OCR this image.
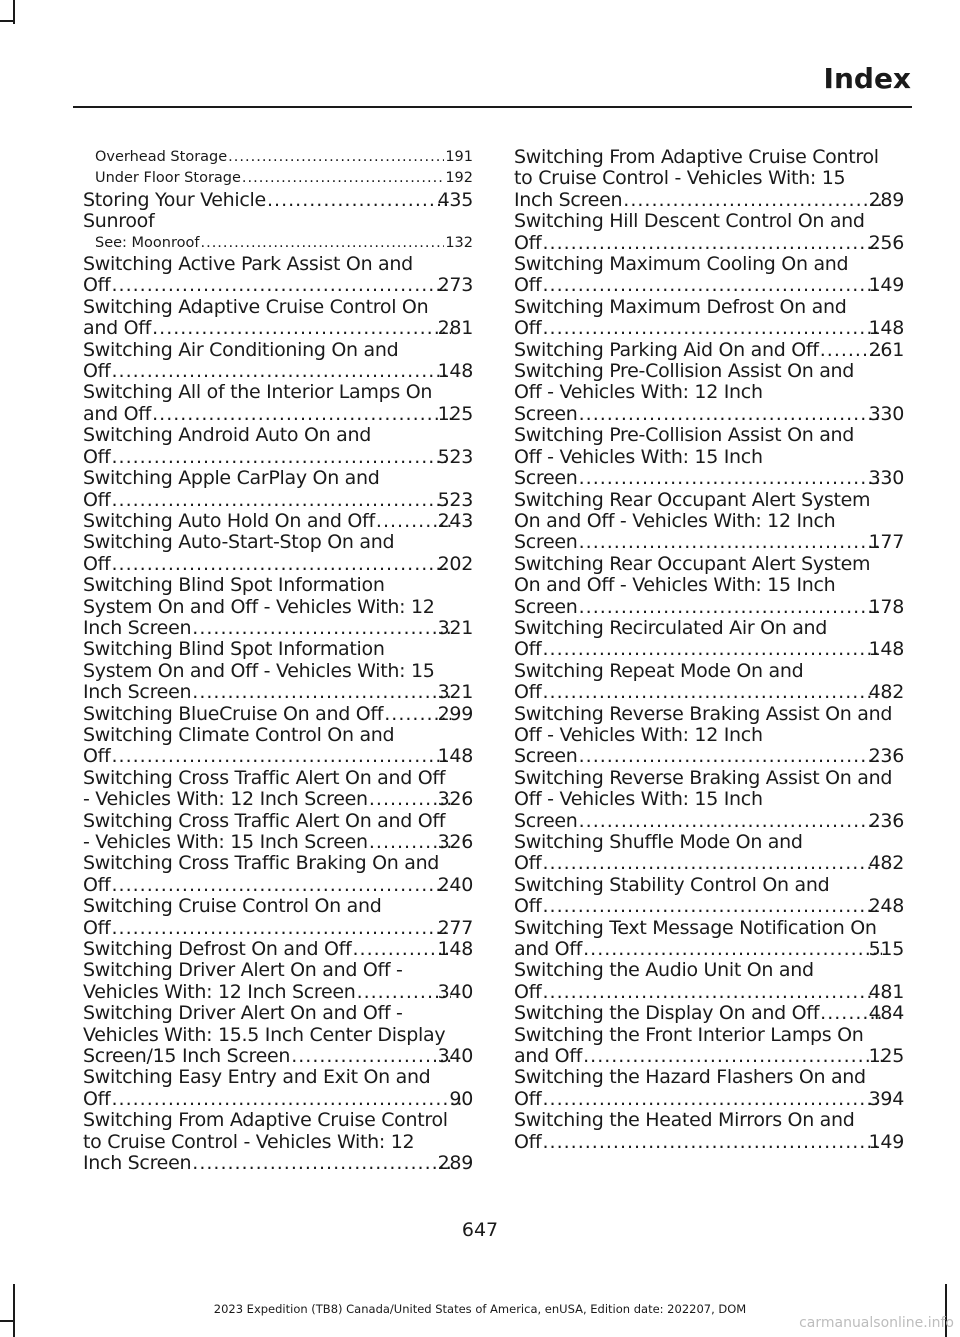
Index
Overhead Storage .....	191
Under Floor Storage .....	192
Storing Your Vehicle .....	435
Sunroof
See: Moonroof .....	132
Switching Active Park Assist On and
Off .....	273
Switching Adaptive Cruise Control On
and Off .....	281
Switching Air Conditioning On and
Off .....	148
Switching All of the Interior Lamps On
and Off .....	125
Switching Android Auto On and
Off .....	523
Switching Apple CarPlay On and
Off .....	523
Switching Auto Hold On and Off .....	243
Switching Auto-Start-Stop On and
Off .....	202
Switching Blind Spot Information
System On and Off - Vehicles With: 12
Inch Screen .....	321
Switching Blind Spot Information
System On and Off - Vehicles With: 15
Inch Screen .....	321
Switching BlueCruise On and Off .....	299
Switching Climate Control On and
Off .....	148
Switching Cross Traffic Alert On and Off
- Vehicles With: 12 Inch Screen .....	326
Switching Cross Traffic Alert On and Off
- Vehicles With: 15 Inch Screen .....	326
Switching Cross Traffic Braking On and
Off .....	240
Switching Cruise Control On and
Off .....	277
Switching Defrost On and Off .....	148
Switching Driver Alert On and Off -
Vehicles With: 12 Inch Screen .....	340
Switching Driver Alert On and Off -
Vehicles With: 15.5 Inch Center Display
Screen/15 Inch Screen .....	340
Switching Easy Entry and Exit On and
Off .....	90
Switching From Adaptive Cruise Control
to Cruise Control - Vehicles With: 12
Inch Screen .....	289
Switching From Adaptive Cruise Control
to Cruise Control - Vehicles With: 15
Inch Screen .....	289
Switching Hill Descent Control On and
Off .....	256
Switching Maximum Cooling On and
Off .....	149
Switching Maximum Defrost On and
Off .....	148
Switching Parking Aid On and Off .....	261
Switching Pre-Collision Assist On and
Off - Vehicles With: 12 Inch
Screen .....	330
Switching Pre-Collision Assist On and
Off - Vehicles With: 15 Inch
Screen .....	330
Switching Rear Occupant Alert System
On and Off - Vehicles With: 12 Inch
Screen .....	177
Switching Rear Occupant Alert System
On and Off - Vehicles With: 15 Inch
Screen .....	178
Switching Recirculated Air On and
Off .....	148
Switching Repeat Mode On and
Off .....	482
Switching Reverse Braking Assist On and
Off - Vehicles With: 12 Inch
Screen .....	236
Switching Reverse Braking Assist On and
Off - Vehicles With: 15 Inch
Screen .....	236
Switching Shuffle Mode On and
Off .....	482
Switching Stability Control On and
Off .....	248
Switching Text Message Notification On
and Off .....	515
Switching the Audio Unit On and
Off .....	481
Switching the Display On and Off .....	484
Switching the Front Interior Lamps On
and Off .....	125
Switching the Hazard Flashers On and
Off .....	394
Switching the Heated Mirrors On and
Off .....	149
647
2023 Expedition (TB8) Canada/United States of America, enUSA, Edition date: 202207, DOM
carmanualsonline.info
